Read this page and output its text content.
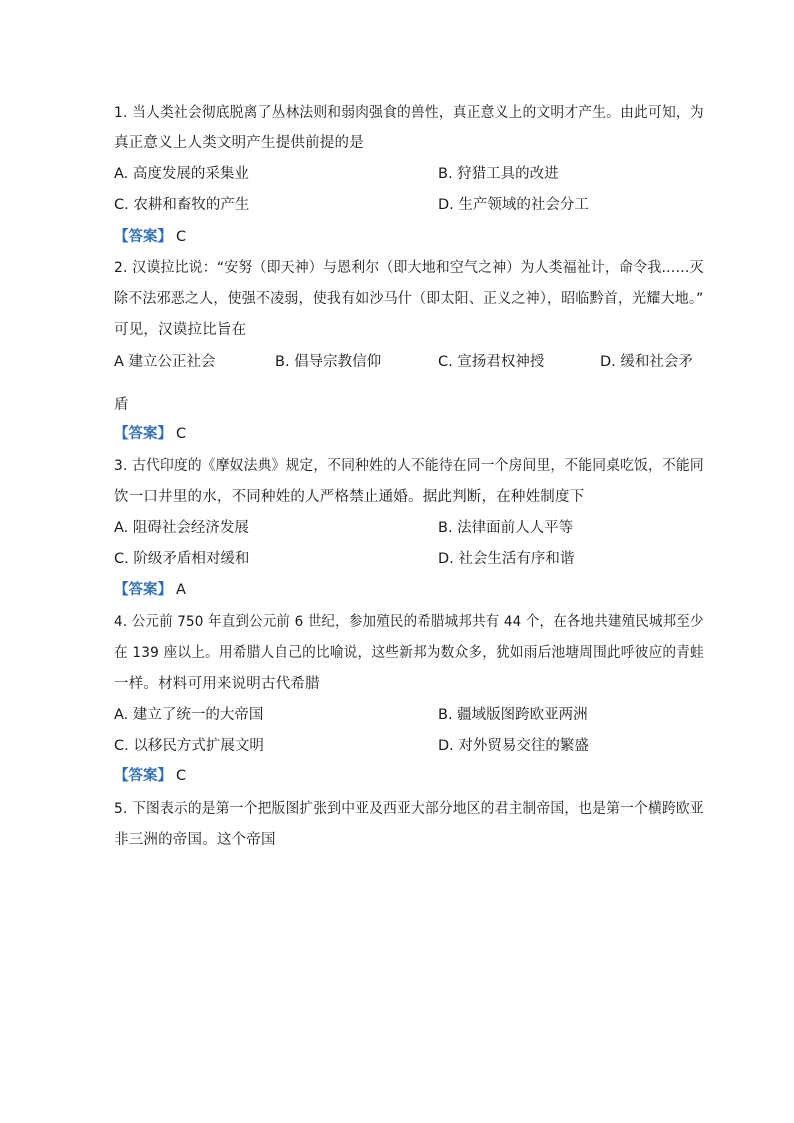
1. 当人类社会彻底脱离了丛林法则和弱肉强食的兽性，真正意义上的文明才产生。由此可知，为
真正意义上人类文明产生提供前提的是
A. 高度发展的采集业	B. 狩猎工具的改进
C. 农耕和畜牧的产生	D. 生产领域的社会分工
【答案】 C
2. 汉谟拉比说：“安努（即天神）与恩利尔（即大地和空气之神）为人类福祉计，命令我……灭
除不法邪恶之人，使强不凌弱，使我有如沙马什（即太阳、正义之神），昭临黔首，光耀大地。”
可见，汉谟拉比旨在
A 建立公正社会	B. 倡导宗教信仰	C. 宣扬君权神授	D. 缓和社会矛
盾
【答案】 C
3. 古代印度的《摩奴法典》规定，不同种姓的人不能待在同一个房间里，不能同桌吃饭，不能同
饮一口井里的水，不同种姓的人严格禁止通婚。据此判断，在种姓制度下
A. 阻碍社会经济发展	B. 法律面前人人平等
C. 阶级矛盾相对缓和	D. 社会生活有序和谐
【答案】 A
4. 公元前 750 年直到公元前 6 世纪，参加殖民的希腊城邦共有 44 个，在各地共建殖民城邦至少
在 139 座以上。用希腊人自己的比喻说，这些新邦为数众多，犹如雨后池塘周围此呼彼应的青蛙
一样。材料可用来说明古代希腊
A. 建立了统一的大帝国	B. 疆域版图跨欧亚两洲
C. 以移民方式扩展文明	D. 对外贸易交往的繁盛
【答案】 C
5. 下图表示的是第一个把版图扩张到中亚及西亚大部分地区的君主制帝国，也是第一个横跨欧亚
非三洲的帝国。这个帝国
